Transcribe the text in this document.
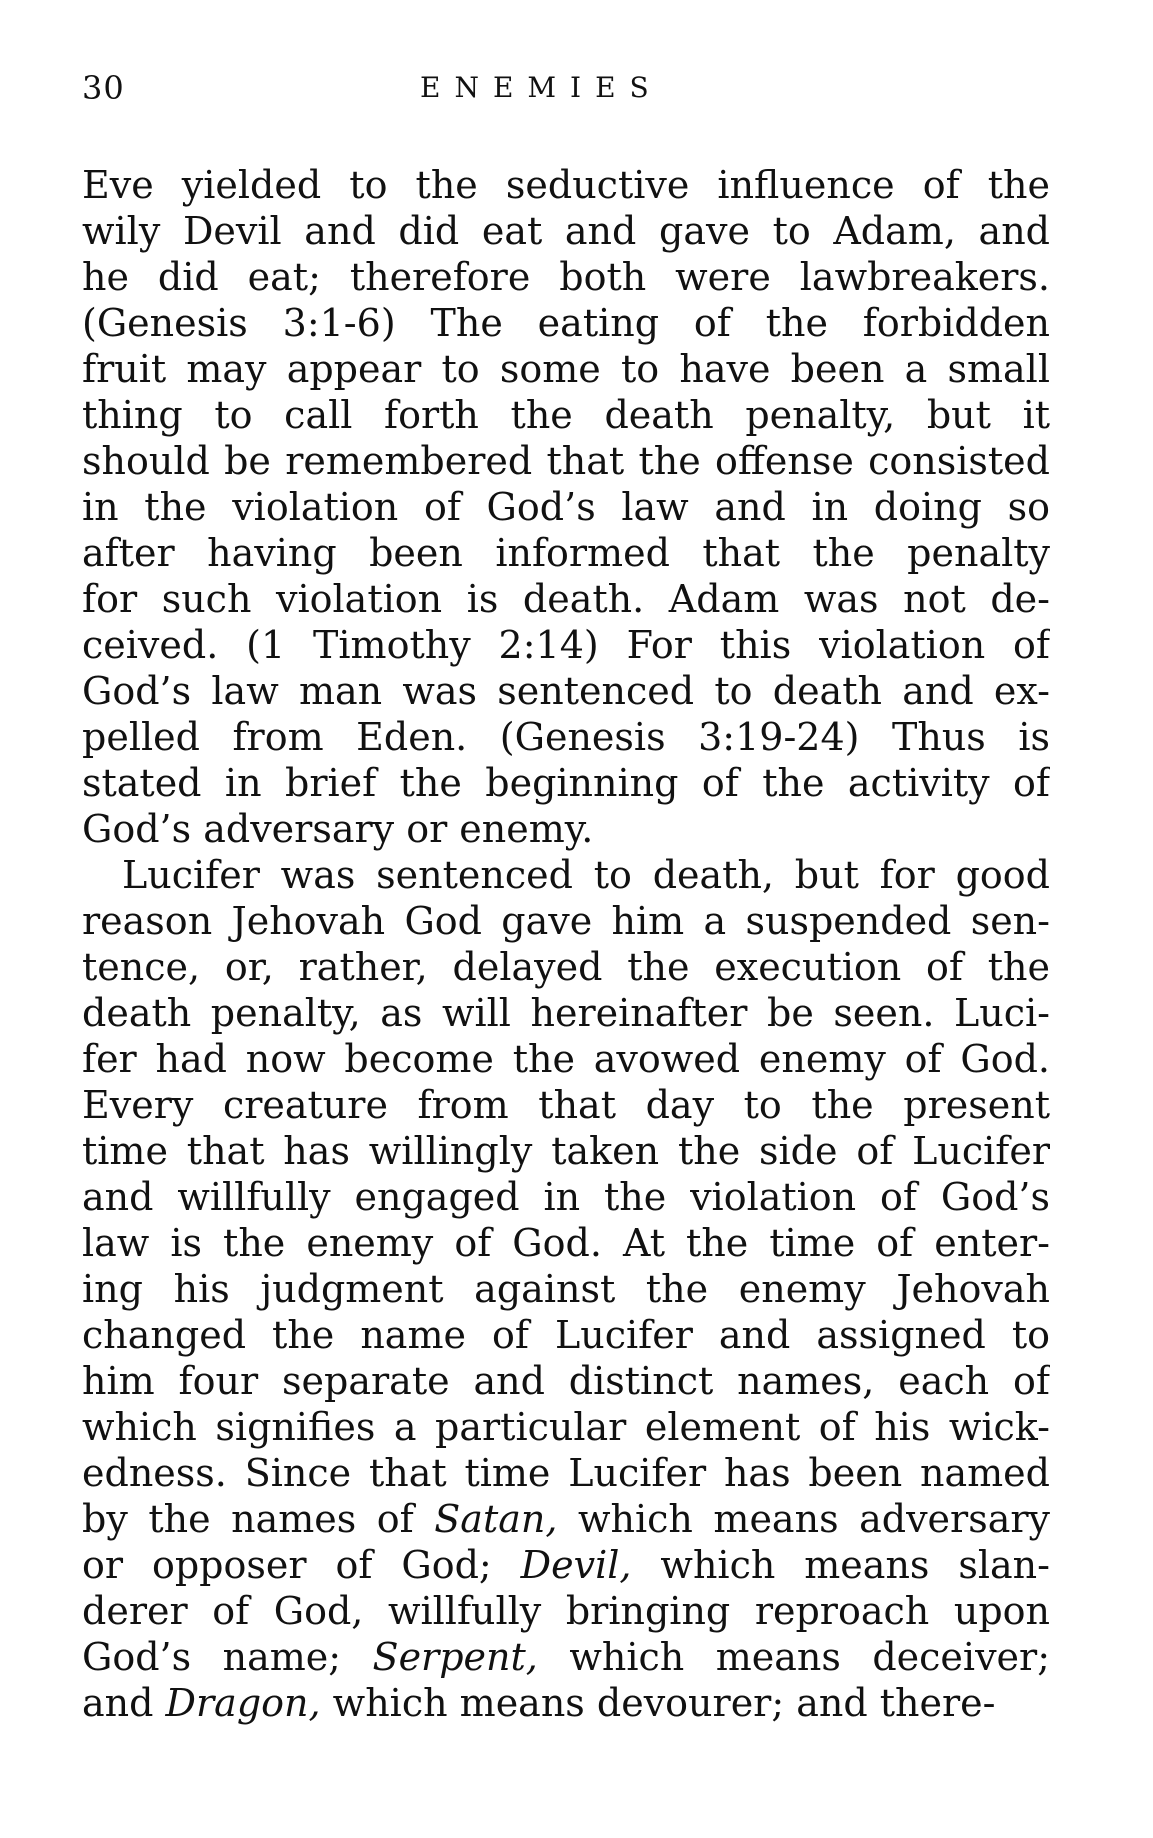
30	ENEMIES
Eve yielded to the seductive influence of the
wily Devil and did eat and gave to Adam, and
he did eat; therefore both were lawbreakers.
(Genesis 3:1-6) The eating of the forbidden
fruit may appear to some to have been a small
thing to call forth the death penalty, but it
should be remembered that the offense consisted
in the violation of God’s law and in doing so
after having been informed that the penalty
for such violation is death. Adam was not de-
ceived. (1 Timothy 2:14) For this violation of
God’s law man was sentenced to death and ex-
pelled from Eden. (Genesis 3:19-24) Thus is
stated in brief the beginning of the activity of
God’s adversary or enemy.
Lucifer was sentenced to death, but for good
reason Jehovah God gave him a suspended sen-
tence, or, rather, delayed the execution of the
death penalty, as will hereinafter be seen. Luci-
fer had now become the avowed enemy of God.
Every creature from that day to the present
time that has willingly taken the side of Lucifer
and willfully engaged in the violation of God’s
law is the enemy of God. At the time of enter-
ing his judgment against the enemy Jehovah
changed the name of Lucifer and assigned to
him four separate and distinct names, each of
which signifies a particular element of his wick-
edness. Since that time Lucifer has been named
by the names of Satan, which means adversary
or opposer of God; Devil, which means slan-
derer of God, willfully bringing reproach upon
God’s name; Serpent, which means deceiver;
and Dragon, which means devourer; and there-
